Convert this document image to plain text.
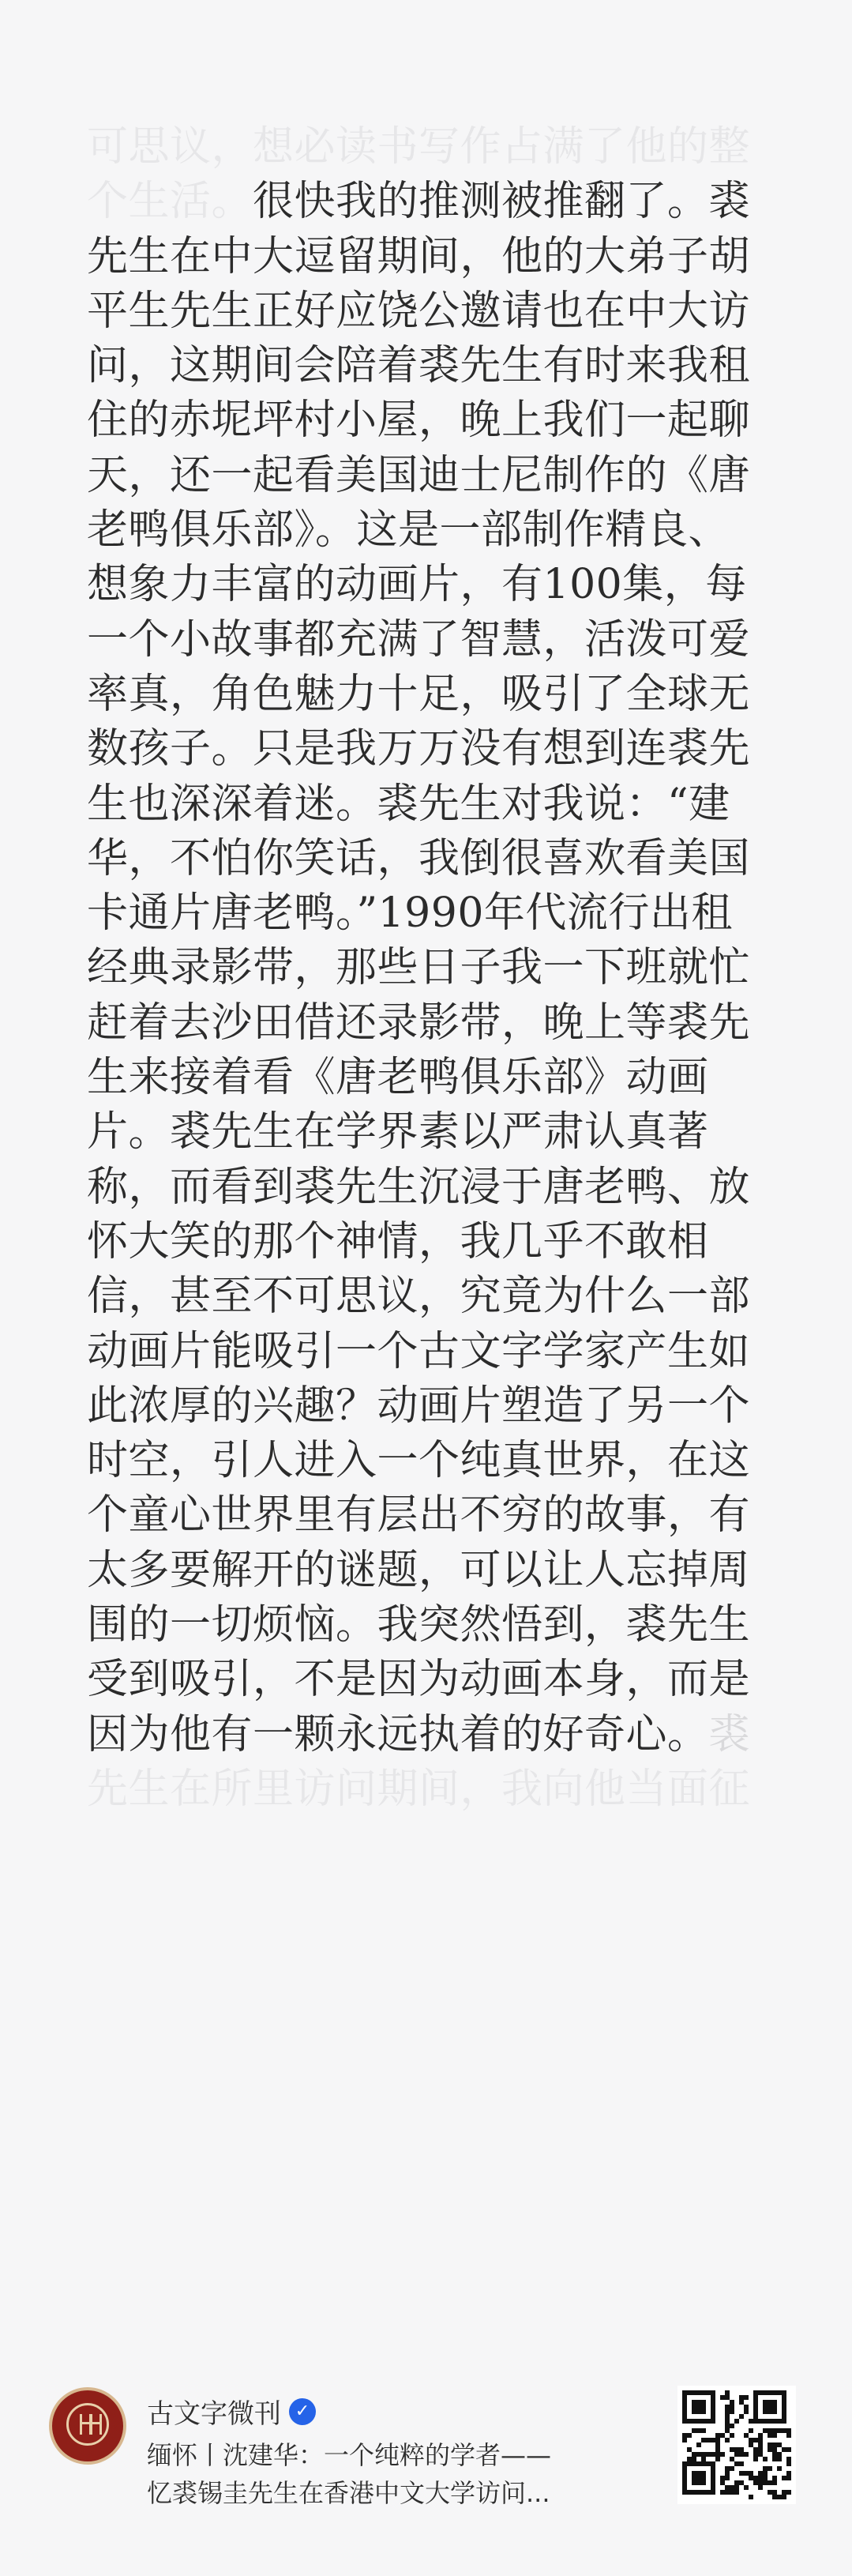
可思议，想必读书写作占满了他的整
个生活。很快我的推测被推翻了。裘
先生在中大逗留期间，他的大弟子胡
平生先生正好应饶公邀请也在中大访
问，这期间会陪着裘先生有时来我租
住的赤坭坪村小屋，晚上我们一起聊
天，还一起看美国迪士尼制作的《唐
老鸭俱乐部》。这是一部制作精良、
想象力丰富的动画片，有100集，每
一个小故事都充满了智慧，活泼可爱
率真，角色魅力十足，吸引了全球无
数孩子。只是我万万没有想到连裘先
生也深深着迷。裘先生对我说：“建
华，不怕你笑话，我倒很喜欢看美国
卡通片唐老鸭。”1990年代流行出租
经典录影带，那些日子我一下班就忙
赶着去沙田借还录影带，晚上等裘先
生来接着看《唐老鸭俱乐部》动画
片。裘先生在学界素以严肃认真著
称，而看到裘先生沉浸于唐老鸭、放
怀大笑的那个神情，我几乎不敢相
信，甚至不可思议，究竟为什么一部
动画片能吸引一个古文字学家产生如
此浓厚的兴趣？动画片塑造了另一个
时空，引人进入一个纯真世界，在这
个童心世界里有层出不穷的故事，有
太多要解开的谜题，可以让人忘掉周
围的一切烦恼。我突然悟到，裘先生
受到吸引，不是因为动画本身，而是
因为他有一颗永远执着的好奇心。裘
先生在所里访问期间，我向他当面征
古文字微刊 ✓
缅怀丨沈建华：一个纯粹的学者——
忆裘锡圭先生在香港中文大学访问...
